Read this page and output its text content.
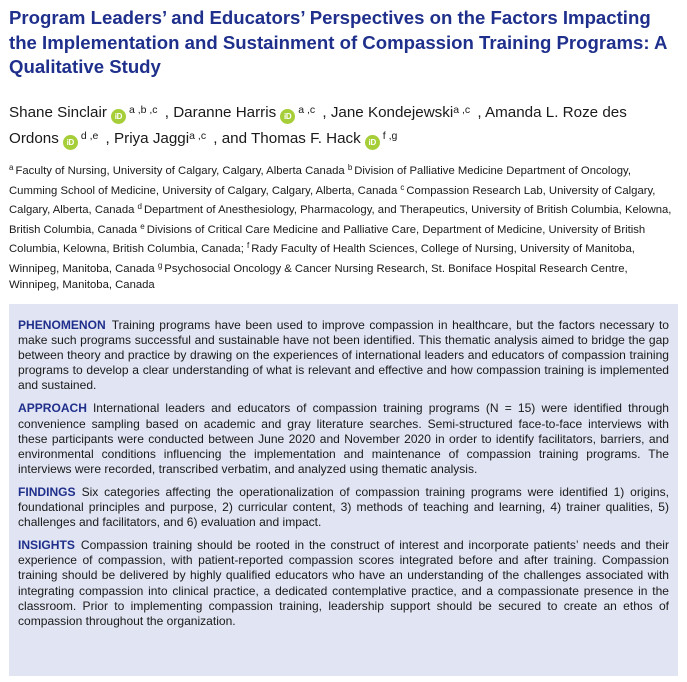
Program Leaders’ and Educators’ Perspectives on the Factors Impacting the Implementation and Sustainment of Compassion Training Programs: A Qualitative Study

Shane Sinclair iD$^{a ,b ,c}$ , Daranne Harris iD$^{a ,c}$ , Jane Kondejewski$^{a ,c}$ , Amanda L. Roze des Ordons iD$^{d ,e}$ , Priya Jaggi$^{a ,c}$ , and Thomas F. Hack iD$^{f ,g}$

$^a$ Faculty of Nursing, University of Calgary, Calgary, Alberta Canada $^b$ Division of Palliative Medicine Department of Oncology, Cumming School of Medicine, University of Calgary, Calgary, Alberta, Canada $^c$ Compassion Research Lab, University of Calgary, Calgary, Alberta, Canada $^d$ Department of Anesthesiology, Pharmacology, and Therapeutics, University of British Columbia, Kelowna, British Columbia, Canada $^e$ Divisions of Critical Care Medicine and Palliative Care, Department of Medicine, University of British Columbia, Kelowna, British Columbia, Canada; $^f$ Rady Faculty of Health Sciences, College of Nursing, University of Manitoba, Winnipeg, Manitoba, Canada $^g$ Psychosocial Oncology & Cancer Nursing Research, St. Boniface Hospital Research Centre, Winnipeg, Manitoba, Canada

PHENOMENON Training programs have been used to improve compassion in healthcare, but the factors necessary to make such programs successful and sustainable have not been identified. This thematic analysis aimed to bridge the gap between theory and practice by drawing on the experiences of international leaders and educators of compassion training programs to develop a clear understanding of what is relevant and effective and how compassion training is implemented and sustained.

APPROACH International leaders and educators of compassion training programs (N = 15) were identified through convenience sampling based on academic and gray literature searches. Semi-structured face-to-face interviews with these participants were conducted between June 2020 and November 2020 in order to identify facilitators, barriers, and environmental conditions influencing the implementation and maintenance of compassion training programs. The interviews were recorded, transcribed verbatim, and analyzed using thematic analysis.

FINDINGS Six categories affecting the operationalization of compassion training programs were identified 1) origins, foundational principles and purpose, 2) curricular content, 3) methods of teaching and learning, 4) trainer qualities, 5) challenges and facilitators, and 6) evaluation and impact.

INSIGHTS Compassion training should be rooted in the construct of interest and incorporate patients’ needs and their experience of compassion, with patient-reported compassion scores integrated before and after training. Compassion training should be delivered by highly qualified educators who have an understanding of the challenges associated with integrating compassion into clinical practice, a dedicated contemplative practice, and a compassionate presence in the classroom. Prior to implementing compassion training, leadership support should be secured to create an ethos of compassion throughout the organization.
